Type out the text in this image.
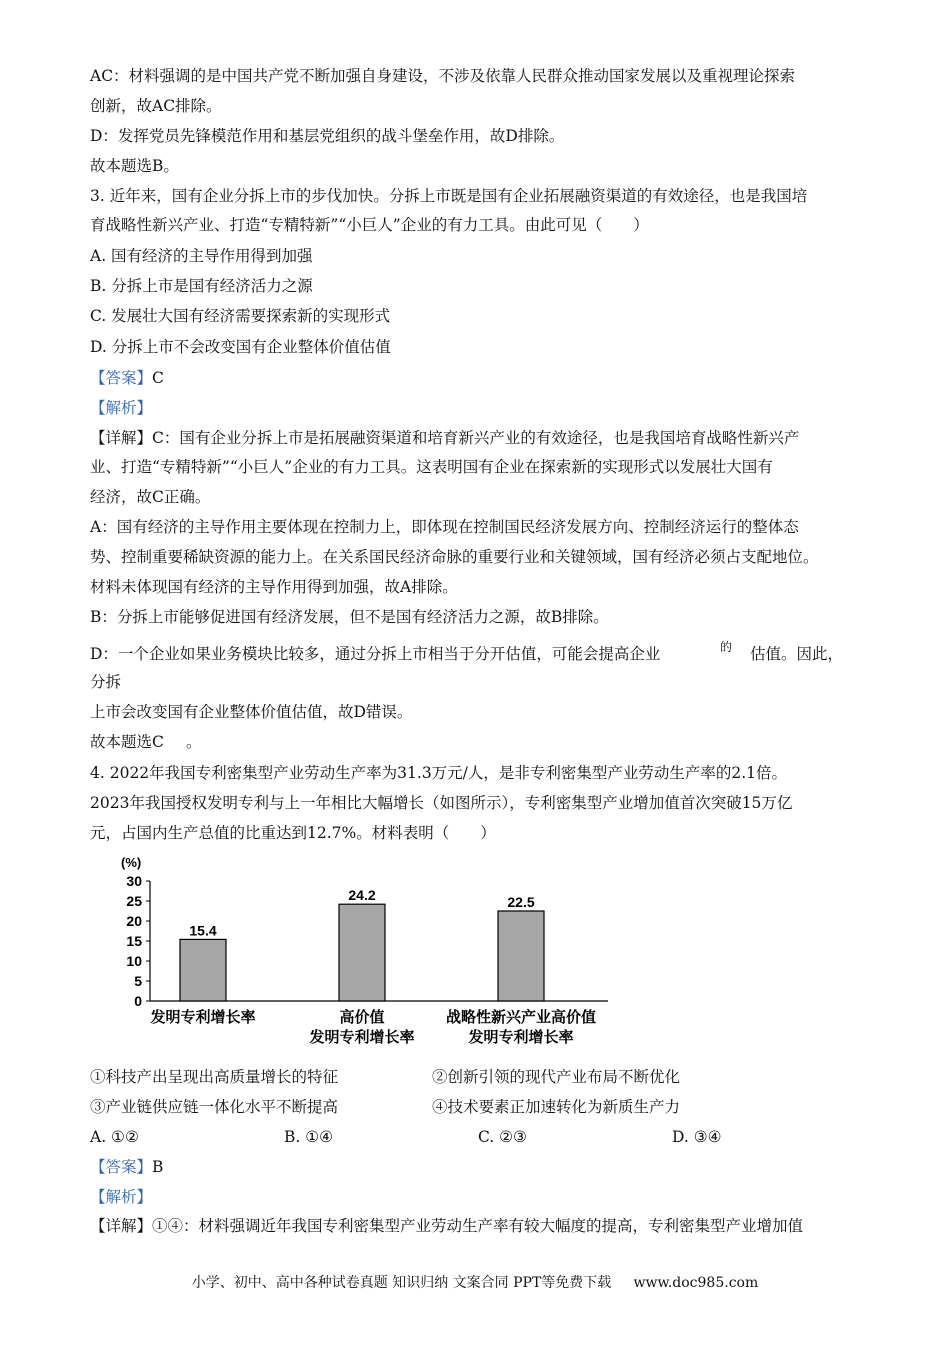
AC：材料强调的是中国共产党不断加强自身建设，不涉及依靠人民群众推动国家发展以及重视理论探索
创新，故AC排除。
D：发挥党员先锋模范作用和基层党组织的战斗堡垒作用，故D排除。
故本题选B。
3. 近年来，国有企业分拆上市的步伐加快。分拆上市既是国有企业拓展融资渠道的有效途径，也是我国培
育战略性新兴产业、打造“专精特新”“小巨人”企业的有力工具。由此可见（　　）
A. 国有经济的主导作用得到加强
B. 分拆上市是国有经济活力之源
C. 发展壮大国有经济需要探索新的实现形式
D. 分拆上市不会改变国有企业整体价值估值
【答案】C
【解析】
【详解】C：国有企业分拆上市是拓展融资渠道和培育新兴产业的有效途径，也是我国培育战略性新兴产
业、打造“专精特新”“小巨人”企业的有力工具。这表明国有企业在探索新的实现形式以发展壮大国有
经济，故C正确。
A：国有经济的主导作用主要体现在控制力上，即体现在控制国民经济发展方向、控制经济运行的整体态
势、控制重要稀缺资源的能力上。在关系国民经济命脉的重要行业和关键领域，国有经济必须占支配地位。
材料未体现国有经济的主导作用得到加强，故A排除。
B：分拆上市能够促进国有经济发展，但不是国有经济活力之源，故B排除。
D：一个企业如果业务模块比较多，通过分拆上市相当于分开估值，可能会提高企业	的 估值。因此，
分拆
上市会改变国有企业整体价值估值，故D错误。
故本题选C 。
4. 2022年我国专利密集型产业劳动生产率为31.3万元/人，是非专利密集型产业劳动生产率的2.1倍。
2023年我国授权发明专利与上一年相比大幅增长（如图所示），专利密集型产业增加值首次突破15万亿
元，占国内生产总值的比重达到12.7%。材料表明（　　）
(%)
30
25
20
15
10
5
0
15.4
24.2	22.5
发明专利增长率	高价值
发明专利增长率
战略性新兴产业高价值
发明专利增长率
①科技产出呈现出高质量增长的特征	②创新引领的现代产业布局不断优化
③产业链供应链一体化水平不断提高	④技术要素正加速转化为新质生产力
A. ①②	B. ①④	C. ②③	D. ③④
【答案】B
【解析】
【详解】①④：材料强调近年我国专利密集型产业劳动生产率有较大幅度的提高，专利密集型产业增加值
小学、初中、高中各种试卷真题 知识归纳 文案合同 PPT等免费下载 www.doc985.com
